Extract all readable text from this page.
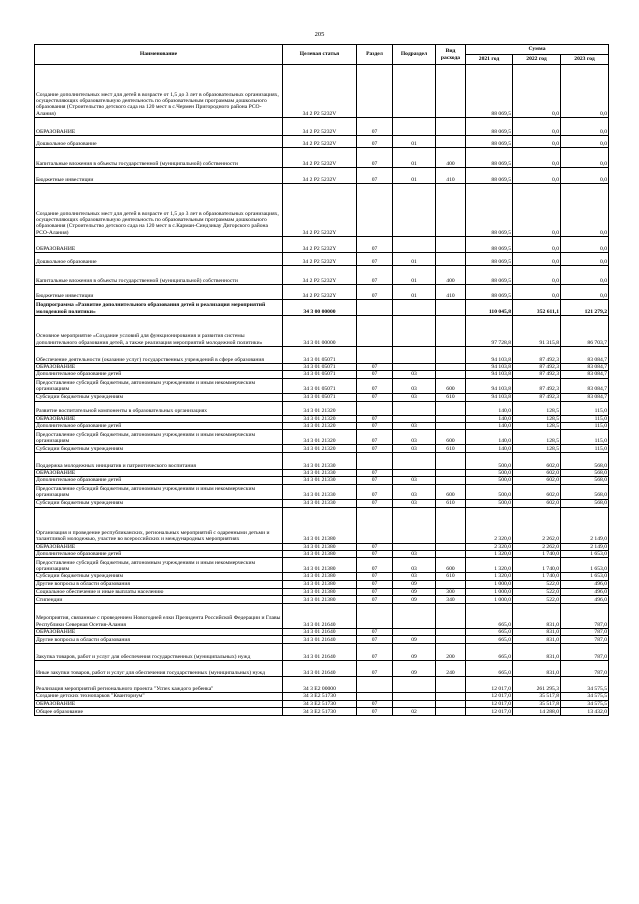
205
Наименование	Целевая статья	Раздел	Подраздел	Вид расхода	Сумма		
					2021 год	2022 год	2023 год
Создание дополнительных мест для детей в возрасте от 1,5 до 3 лет в образовательных организациях, осуществляющих образовательную деятельность по образовательным программам дошкольного образования (Строительство детского сада на 120 мест в с.Чермен Пригородного района РСО-Алания)	34 2 P2 5232V				88 069,5	0,0	0,0
ОБРАЗОВАНИЕ	34 2 P2 5232V	07			88 069,5	0,0	0,0
Дошкольное образование	34 2 P2 5232V	07	01		88 069,5	0,0	0,0
Капитальные вложения в объекты государственной (муниципальной) собственности	34 2 P2 5232V	07	01	400	88 069,5	0,0	0,0
Бюджетные инвестиции	34 2 P2 5232V	07	01	410	88 069,5	0,0	0,0
Создание дополнительных мест для детей в возрасте от 1,5 до 3 лет в образовательных организациях, осуществляющих образовательную деятельность по образовательным программам дошкольного образования (Строительство детского сада на 120 мест в с.Карман-Синдзикау Дигорского района РСО-Алания)	34 2 P2 5232Y				88 069,5	0,0	0,0
ОБРАЗОВАНИЕ	34 2 P2 5232Y	07			88 069,5	0,0	0,0
Дошкольное образование	34 2 P2 5232Y	07	01		88 069,5	0,0	0,0
Капитальные вложения в объекты государственной (муниципальной) собственности	34 2 P2 5232Y	07	01	400	88 069,5	0,0	0,0
Бюджетные инвестиции	34 2 P2 5232Y	07	01	410	88 069,5	0,0	0,0
Подпрограмма «Развитие дополнительного образования детей и реализация мероприятий молодежной политики»	34 3 00 00000				110 045,8	352 611,1	121 279,2
Основное мероприятие «Создание условий для функционирования и развития системы дополнительного образования детей, а также реализация мероприятий молодежной политики»	34 3 01 00000				97 728,8	91 315,8	86 703,7
Обеспечение деятельности (оказание услуг) государственных учреждений в сфере образования	34 3 01 05071				94 103,8	87 492,3	83 084,7
ОБРАЗОВАНИЕ	34 3 01 05071	07			94 103,8	87 492,3	83 084,7
Дополнительное образование детей	34 3 01 05071	07	03		94 103,8	87 492,3	83 084,7
Предоставление субсидий бюджетным, автономным учреждениям и иным некоммерческим организациям	34 3 01 05071	07	03	600	94 103,8	87 492,3	83 084,7
Субсидии бюджетным учреждениям	34 3 01 05071	07	03	610	94 103,8	87 492,3	83 084,7
Развитие воспитательной компоненты в образовательных организациях	34 3 01 21320				140,0	128,5	115,0
ОБРАЗОВАНИЕ	34 3 01 21320	07			140,0	128,5	115,0
Дополнительное образование детей	34 3 01 21320	07	03		140,0	128,5	115,0
Предоставление субсидий бюджетным, автономным учреждениям и иным некоммерческим организациям	34 3 01 21320	07	03	600	140,0	128,5	115,0
Субсидии бюджетным учреждениям	34 3 01 21320	07	03	610	140,0	128,5	115,0
Поддержка молодежных инициатив и патриотического воспитания	34 3 01 21330				500,0	602,0	568,0
ОБРАЗОВАНИЕ	34 3 01 21330	07			500,0	602,0	568,0
Дополнительное образование детей	34 3 01 21330	07	03		500,0	602,0	568,0
Предоставление субсидий бюджетным, автономным учреждениям и иным некоммерческим организациям	34 3 01 21330	07	03	600	500,0	602,0	568,0
Субсидии бюджетным учреждениям	34 3 01 21330	07	03	610	500,0	602,0	568,0
Организация и проведение республиканских, региональных мероприятий с одаренными детьми и талантливой молодежью, участие во всероссийских и международных мероприятиях	34 3 01 21380				2 320,0	2 262,0	2 149,0
ОБРАЗОВАНИЕ	34 3 01 21380	07			2 320,0	2 262,0	2 149,0
Дополнительное образование детей	34 3 01 21380	07	03		1 320,0	1 740,0	1 653,0
Предоставление субсидий бюджетным, автономным учреждениям и иным некоммерческим организациям	34 3 01 21380	07	03	600	1 320,0	1 740,0	1 653,0
Субсидии бюджетным учреждениям	34 3 01 21380	07	03	610	1 320,0	1 740,0	1 653,0
Другие вопросы в области образования	34 3 01 21380	07	09		1 000,0	522,0	496,0
Социальное обеспечение и иные выплаты населению	34 3 01 21380	07	09	300	1 000,0	522,0	496,0
Стипендии	34 3 01 21380	07	09	340	1 000,0	522,0	496,0
Мероприятия, связанные с проведением Новогодней елки Президента Российской Федерации и Главы Республики Северная Осетия-Алания	34 3 01 21640				665,0	831,0	787,0
ОБРАЗОВАНИЕ	34 3 01 21640	07			665,0	831,0	787,0
Другие вопросы в области образования	34 3 01 21640	07	09		665,0	831,0	787,0
Закупка товаров, работ и услуг для обеспечения государственных (муниципальных) нужд	34 3 01 21640	07	09	200	665,0	831,0	787,0
Иные закупки товаров, работ и услуг для обеспечения государственных (муниципальных) нужд	34 3 01 21640	07	09	240	665,0	831,0	787,0
Реализация мероприятий регионального проекта "Успех каждого ребенка"	34 3 E2 00000				12 017,0	261 295,3	34 575,5
Создание детских технопарков "Кванториум"	34 3 E2 51730				12 017,0	35 517,8	34 575,5
ОБРАЗОВАНИЕ	34 3 E2 51730	07			12 017,0	35 517,8	34 575,5
Общее образование	34 3 E2 51730	07	02		12 017,0	14 288,0	13 432,0
